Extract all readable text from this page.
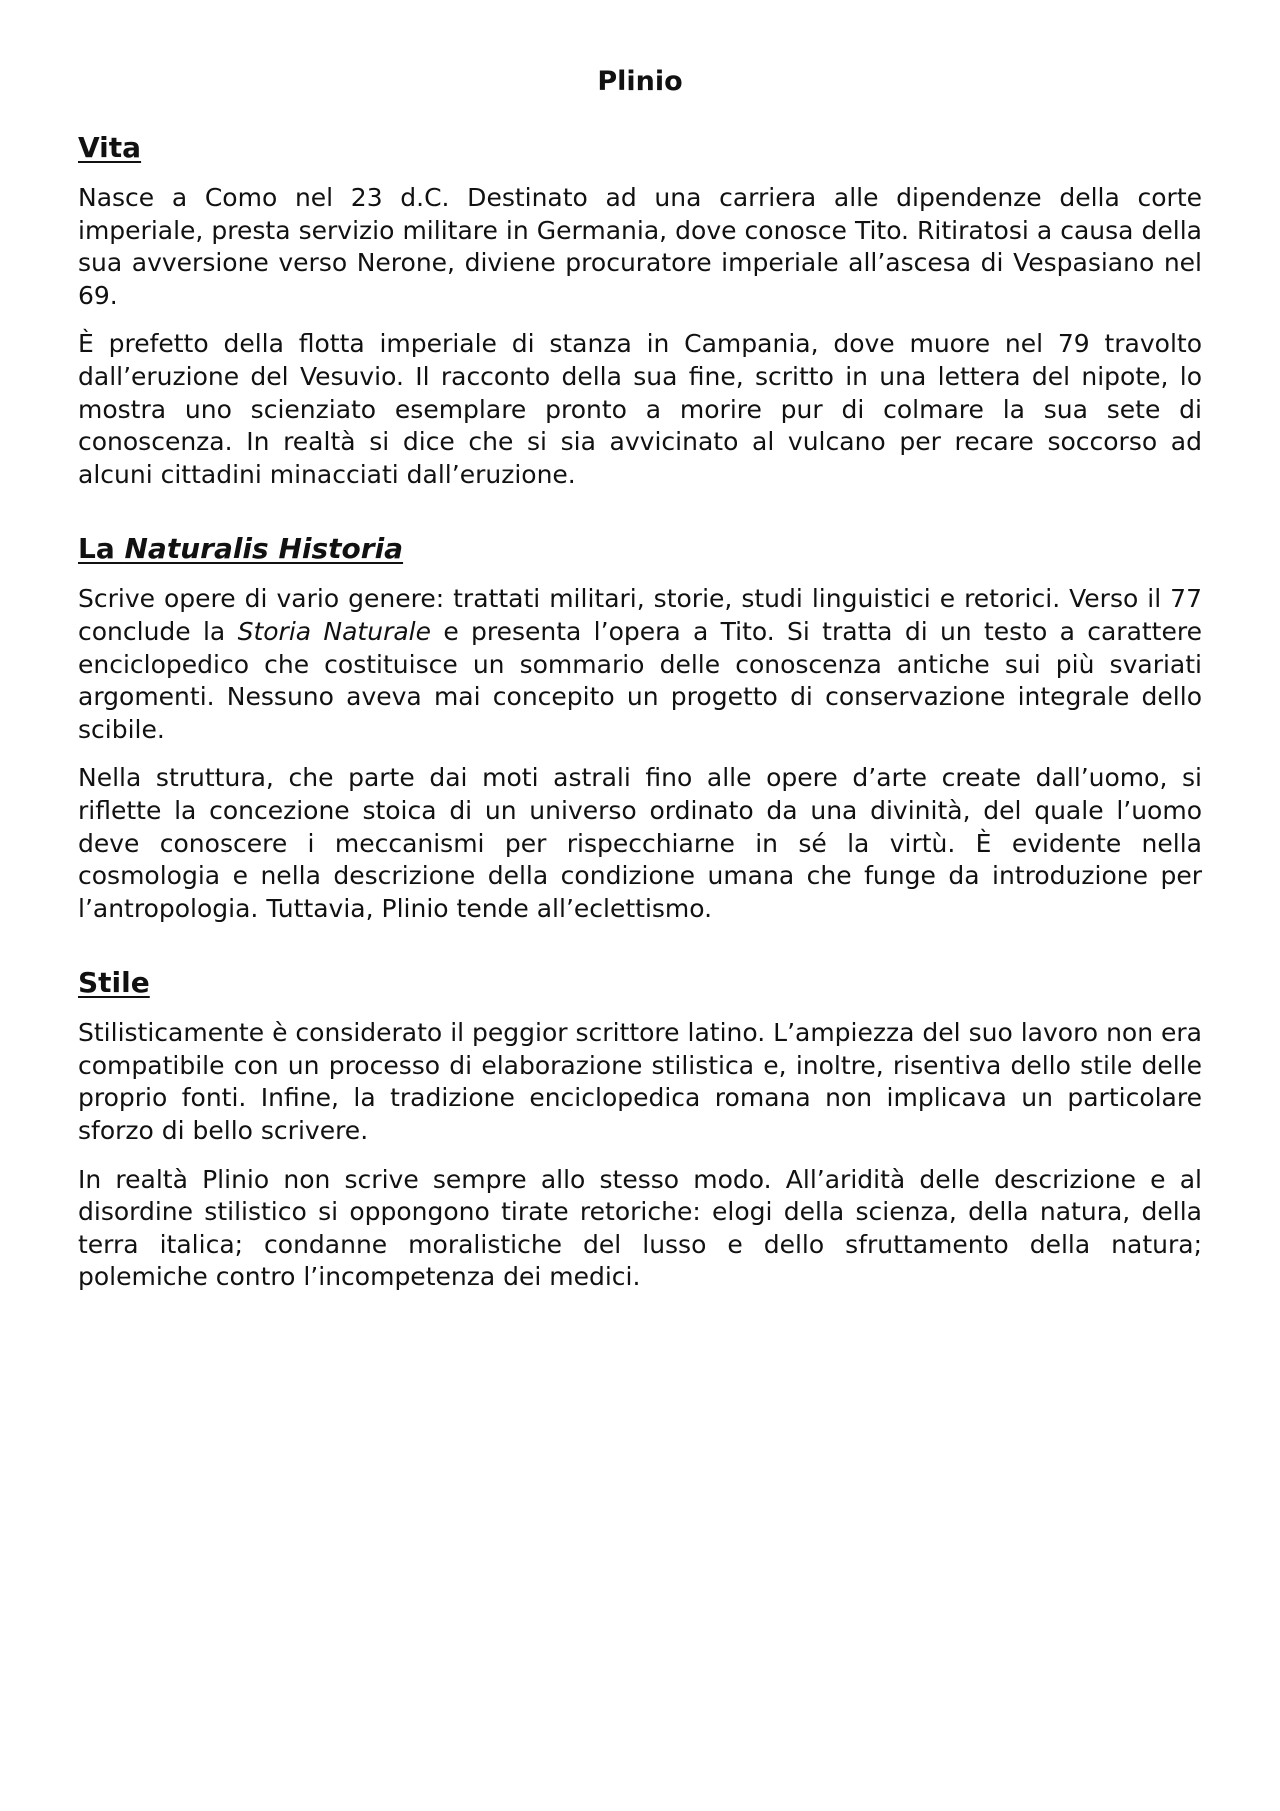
Plinio
Vita

Nasce a Como nel 23 d.C. Destinato ad una carriera alle dipendenze della corte imperiale, presta servizio militare in Germania, dove conosce Tito. Ritiratosi a causa della sua avversione verso Nerone, diviene procuratore imperiale all’ascesa di Vespasiano nel 69.

È prefetto della flotta imperiale di stanza in Campania, dove muore nel 79 travolto dall’eruzione del Vesuvio. Il racconto della sua fine, scritto in una lettera del nipote, lo mostra uno scienziato esemplare pronto a morire pur di colmare la sua sete di conoscenza. In realtà si dice che si sia avvicinato al vulcano per recare soccorso ad alcuni cittadini minacciati dall’eruzione.

La Naturalis Historia

Scrive opere di vario genere: trattati militari, storie, studi linguistici e retorici. Verso il 77 conclude la Storia Naturale e presenta l’opera a Tito. Si tratta di un testo a carattere enciclopedico che costituisce un sommario delle conoscenza antiche sui più svariati argomenti. Nessuno aveva mai concepito un progetto di conservazione integrale dello scibile.

Nella struttura, che parte dai moti astrali fino alle opere d’arte create dall’uomo, si riflette la concezione stoica di un universo ordinato da una divinità, del quale l’uomo deve conoscere i meccanismi per rispecchiarne in sé la virtù. È evidente nella cosmologia e nella descrizione della condizione umana che funge da introduzione per l’antropologia. Tuttavia, Plinio tende all’eclettismo.

Stile

Stilisticamente è considerato il peggior scrittore latino. L’ampiezza del suo lavoro non era compatibile con un processo di elaborazione stilistica e, inoltre, risentiva dello stile delle proprio fonti. Infine, la tradizione enciclopedica romana non implicava un particolare sforzo di bello scrivere.

In realtà Plinio non scrive sempre allo stesso modo. All’aridità delle descrizione e al disordine stilistico si oppongono tirate retoriche: elogi della scienza, della natura, della terra italica; condanne moralistiche del lusso e dello sfruttamento della natura; polemiche contro l’incompetenza dei medici.
